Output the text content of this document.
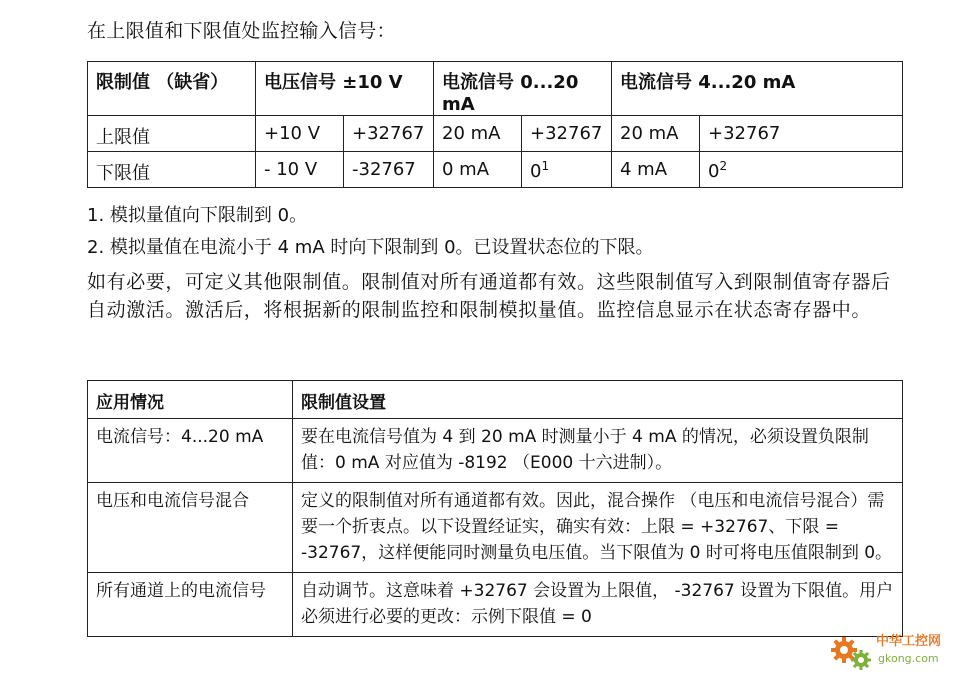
在上限值和下限值处监控输入信号：
限制值 （缺省）	电压信号 ±10 V		电流信号 0...20 mA		电流信号 4...20 mA	
上限值	+10 V	+32767	20 mA	+32767	20 mA	+32767
下限值	- 10 V	-32767	0 mA	$0^1$	4 mA	$0^2$
1. 模拟量值向下限制到 0。
2. 模拟量值在电流小于 4 mA 时向下限制到 0。已设置状态位的下限。
如有必要，可定义其他限制值。限制值对所有通道都有效。这些限制值写入到限制值寄存器后自动激活。激活后，将根据新的限制监控和限制模拟量值。监控信息显示在状态寄存器中。
应用情况	限制值设置
电流信号：4...20 mA	要在电流信号值为 4 到 20 mA 时测量小于 4 mA 的情况，必须设置负限制值：0 mA 对应值为 -8192 （E000 十六进制）。
电压和电流信号混合	定义的限制值对所有通道都有效。因此，混合操作 （电压和电流信号混合）需要一个折衷点。以下设置经证实，确实有效：上限 = +32767、下限 = -32767，这样便能同时测量负电压值。当下限值为 0 时可将电压值限制到 0。
所有通道上的电流信号	自动调节。这意味着 +32767 会设置为上限值， -32767 设置为下限值。用户必须进行必要的更改：示例下限值 = 0
中华工控网
gkong.com
